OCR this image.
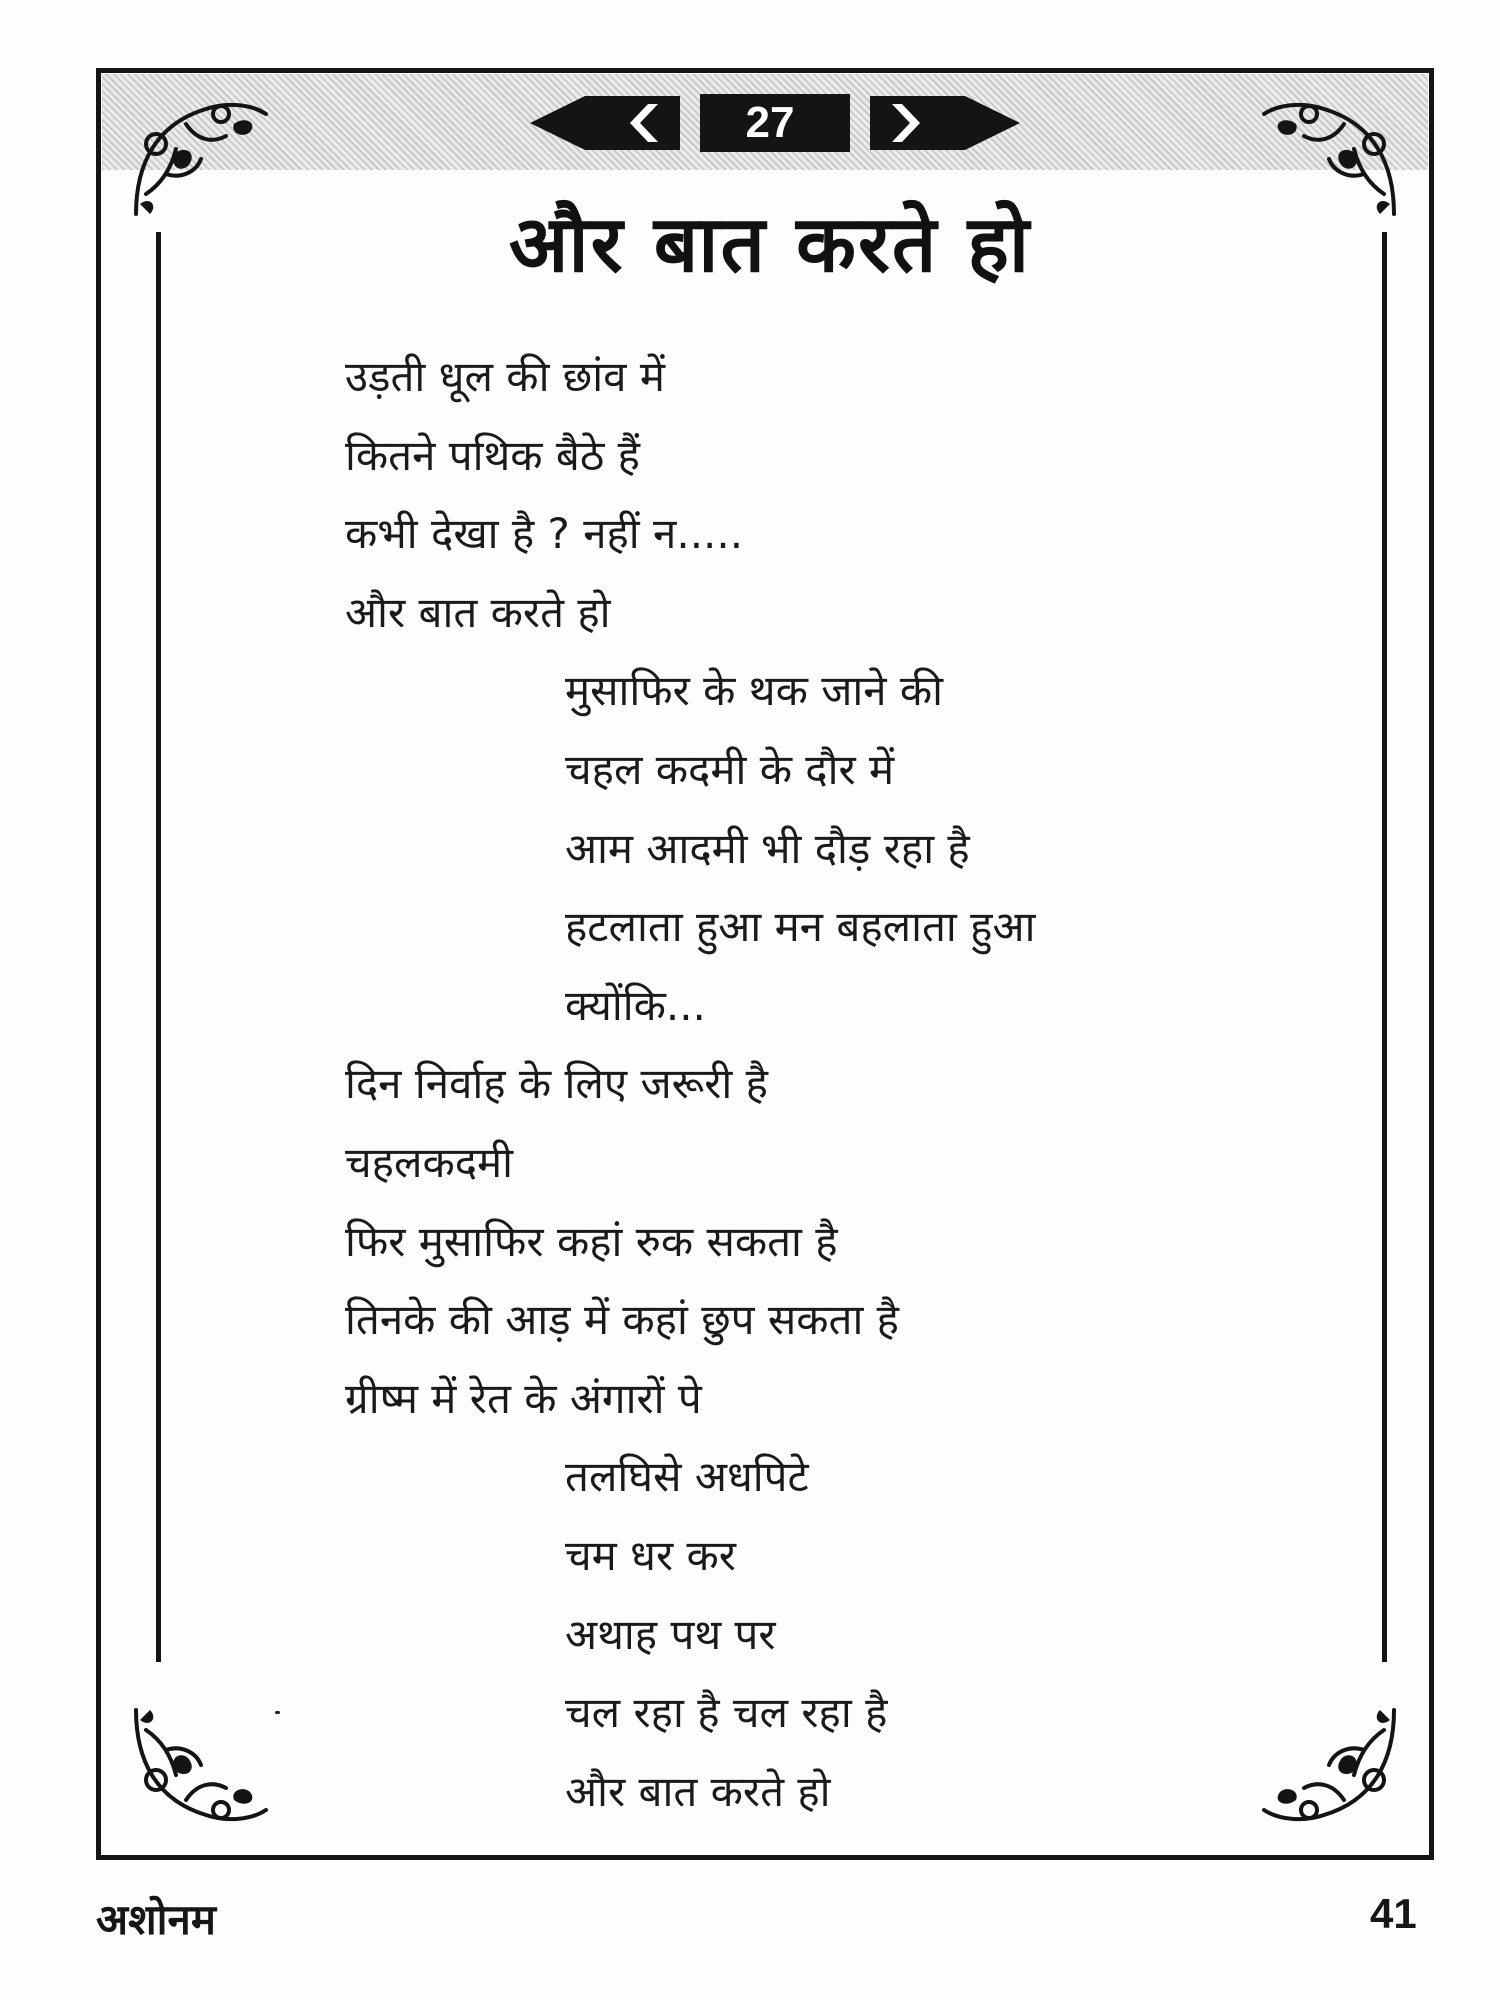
27
और बात करते हो
उड़ती धूल की छांव में
कितने पथिक बैठे हैं
कभी देखा है ? नहीं न.....
और बात करते हो
मुसाफिर के थक जाने की
चहल कदमी के दौर में
आम आदमी भी दौड़ रहा है
हटलाता हुआ मन बहलाता हुआ
क्योंकि...
दिन निर्वाह के लिए जरूरी है
चहलकदमी
फिर मुसाफिर कहां रुक सकता है
तिनके की आड़ में कहां छुप सकता है
ग्रीष्म में रेत के अंगारों पे
तलघिसे अधपिटे
चम धर कर
अथाह पथ पर
चल रहा है चल रहा है
और बात करते हो
अशोनम	41
